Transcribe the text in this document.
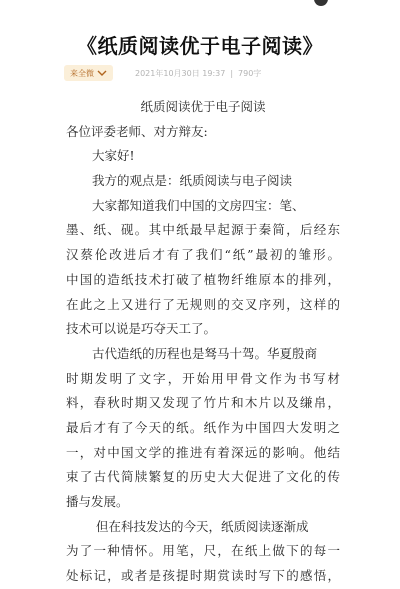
《纸质阅读优于电子阅读》
来全微	2021年10月30日 19:37 | 790字
纸质阅读优于电子阅读
各位评委老师、对方辩友:
大家好!
我方的观点是：纸质阅读与电子阅读
大家都知道我们中国的文房四宝：笔、
墨、纸、砚。其中纸最早起源于秦简，后经东
汉蔡伦改进后才有了我们“纸”最初的雏形。
中国的造纸技术打破了植物纤维原本的排列，
在此之上又进行了无规则的交叉序列，这样的
技术可以说是巧夺天工了。
古代造纸的历程也是驽马十驾。华夏殷商
时期发明了文字，开始用甲骨文作为书写材
料，春秋时期又发现了竹片和木片以及缣帛，
最后才有了今天的纸。纸作为中国四大发明之
一，对中国文学的推进有着深远的影响。他结
束了古代简牍繁复的历史大大促进了文化的传
播与发展。
但在科技发达的今天，纸质阅读逐渐成
为了一种情怀。用笔，尺，在纸上做下的每一
处标记，或者是孩提时期赏读时写下的感悟，
